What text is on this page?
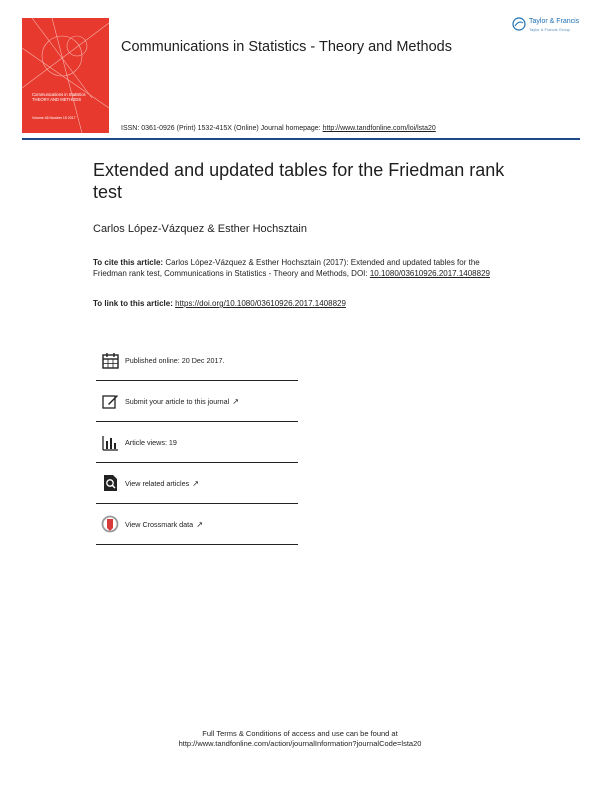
Communications in Statistics
THEORY AND METHODS
Volume 46 Number 15 2017
Taylor & Francis
Taylor & Francis Group
Communications in Statistics - Theory and Methods
ISSN: 0361-0926 (Print) 1532-415X (Online) Journal homepage: http://www.tandfonline.com/loi/lsta20
Extended and updated tables for the Friedman rank test
Carlos López-Vázquez & Esther Hochsztain
To cite this article: Carlos López-Vázquez & Esther Hochsztain (2017): Extended and updated tables for the Friedman rank test, Communications in Statistics - Theory and Methods, DOI: 10.1080/03610926.2017.1408829
To link to this article: https://doi.org/10.1080/03610926.2017.1408829
Published online: 20 Dec 2017.
Submit your article to this journal ↗
Article views: 19
View related articles ↗
View Crossmark data ↗
Full Terms & Conditions of access and use can be found at
http://www.tandfonline.com/action/journalInformation?journalCode=lsta20
